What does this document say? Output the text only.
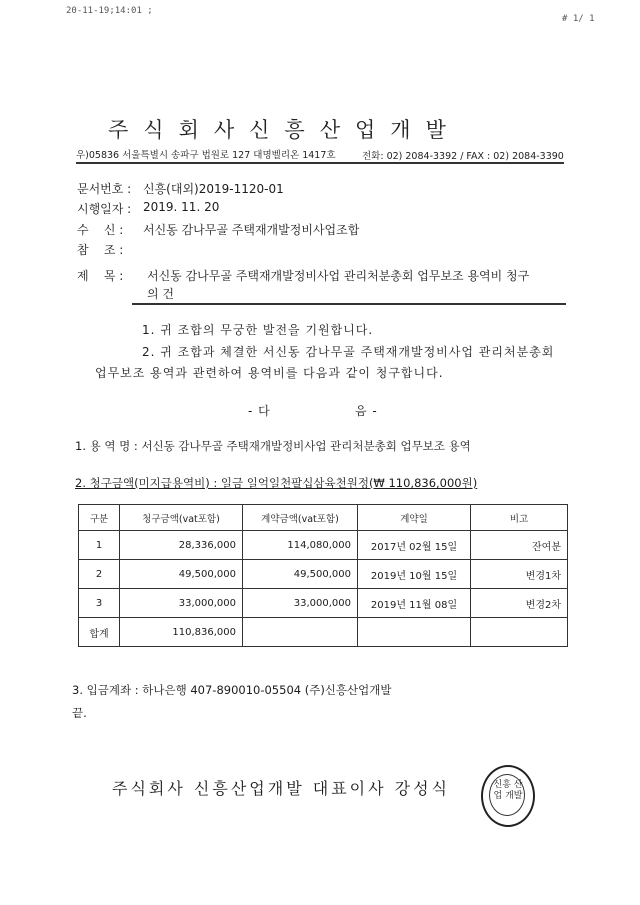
20-11-19;14:01 ;
# 1/ 1
주식회사신흥산업개발
우)05836 서울특별시 송파구 법원로 127 대명벨리온 1417호	전화: 02) 2084-3392 / FAX : 02) 2084-3390
문서번호 : 신흥(대외)2019-1120-01
시행일자 : 2019. 11. 20
수    신 : 서신동 감나무골 주택재개발정비사업조합
참    조 :
제    목 : 서신동 감나무골 주택재개발정비사업 관리처분총회 업무보조 용역비 청구
의 건
1. 귀 조합의 무궁한 발전을 기원합니다.
2. 귀 조합과 체결한 서신동 감나무골 주택재개발정비사업 관리처분총회
업무보조 용역과 관련하여 용역비를 다음과 같이 청구합니다.
- 다	음 -
1. 용 역 명 : 서신동 감나무골 주택재개발정비사업 관리처분총회 업무보조 용역
2. 청구금액(미지급용역비) : 일금 일억일천팔십삼육천원정(₩ 110,836,000원)
구분	청구금액(vat포함)	계약금액(vat포함)	계약일	비고
1	28,336,000	114,080,000	2017년 02월 15일	잔여분
2	49,500,000	49,500,000	2019년 10월 15일	변경1차
3	33,000,000	33,000,000	2019년 11월 08일	변경2차
합계	110,836,000			
3. 입금계좌 : 하나은행 407-890010-05504 (주)신흥산업개발
끝.
주식회사 신흥산업개발 대표이사 강성식	신흥 산업 개발
